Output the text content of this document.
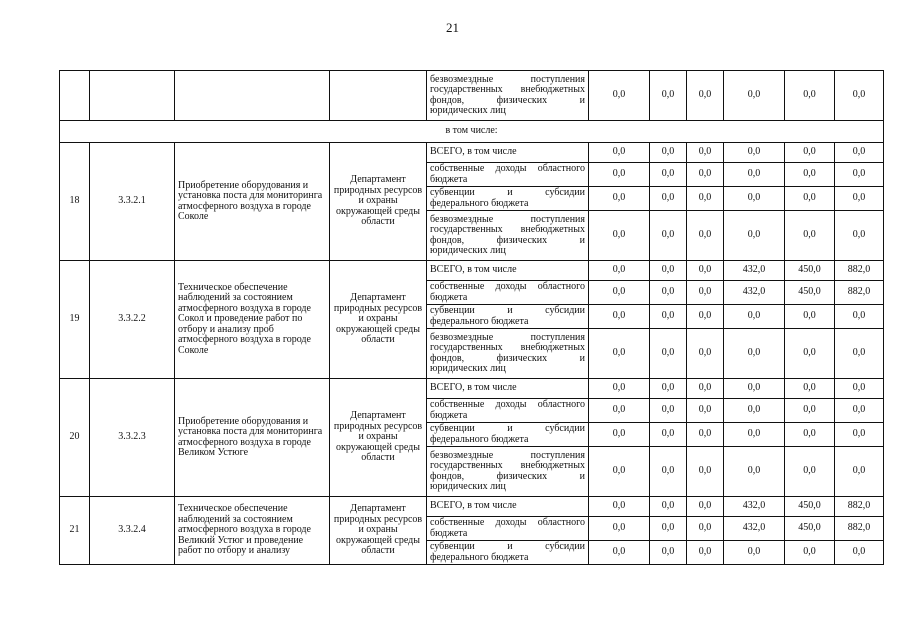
21
				безвозмездные поступления государственных внебюджетных фондов, физических и юридических лиц	0,0	0,0	0,0	0,0	0,0	0,0
в том числе:										
18	3.3.2.1	Приобретение оборудования и установка поста для мониторинга атмосферного воздуха в городе Соколе	Департамент природных ресурсов и охраны окружающей среды области	ВСЕГО, в том числе	0,0	0,0	0,0	0,0	0,0	0,0
				собственные доходы областного бюджета	0,0	0,0	0,0	0,0	0,0	0,0
				субвенции и субсидии федерального бюджета	0,0	0,0	0,0	0,0	0,0	0,0
				безвозмездные поступления государственных внебюджетных фондов, физических и юридических лиц	0,0	0,0	0,0	0,0	0,0	0,0
19	3.3.2.2	Техническое обеспечение наблюдений за состоянием атмосферного воздуха в городе Сокол и проведение работ по отбору и анализу проб атмосферного воздуха в городе Соколе	Департамент природных ресурсов и охраны окружающей среды области	ВСЕГО, в том числе	0,0	0,0	0,0	432,0	450,0	882,0
				собственные доходы областного бюджета	0,0	0,0	0,0	432,0	450,0	882,0
				субвенции и субсидии федерального бюджета	0,0	0,0	0,0	0,0	0,0	0,0
				безвозмездные поступления государственных внебюджетных фондов, физических и юридических лиц	0,0	0,0	0,0	0,0	0,0	0,0
20	3.3.2.3	Приобретение оборудования и установка поста для мониторинга атмосферного воздуха в городе Великом Устюге	Департамент природных ресурсов и охраны окружающей среды области	ВСЕГО, в том числе	0,0	0,0	0,0	0,0	0,0	0,0
				собственные доходы областного бюджета	0,0	0,0	0,0	0,0	0,0	0,0
				субвенции и субсидии федерального бюджета	0,0	0,0	0,0	0,0	0,0	0,0
				безвозмездные поступления государственных внебюджетных фондов, физических и юридических лиц	0,0	0,0	0,0	0,0	0,0	0,0
21	3.3.2.4	Техническое обеспечение наблюдений за состоянием атмосферного воздуха в городе Великий Устюг и проведение работ по отбору и анализу	Департамент природных ресурсов и охраны окружающей среды области	ВСЕГО, в том числе	0,0	0,0	0,0	432,0	450,0	882,0
				собственные доходы областного бюджета	0,0	0,0	0,0	432,0	450,0	882,0
				субвенции и субсидии федерального бюджета	0,0	0,0	0,0	0,0	0,0	0,0
